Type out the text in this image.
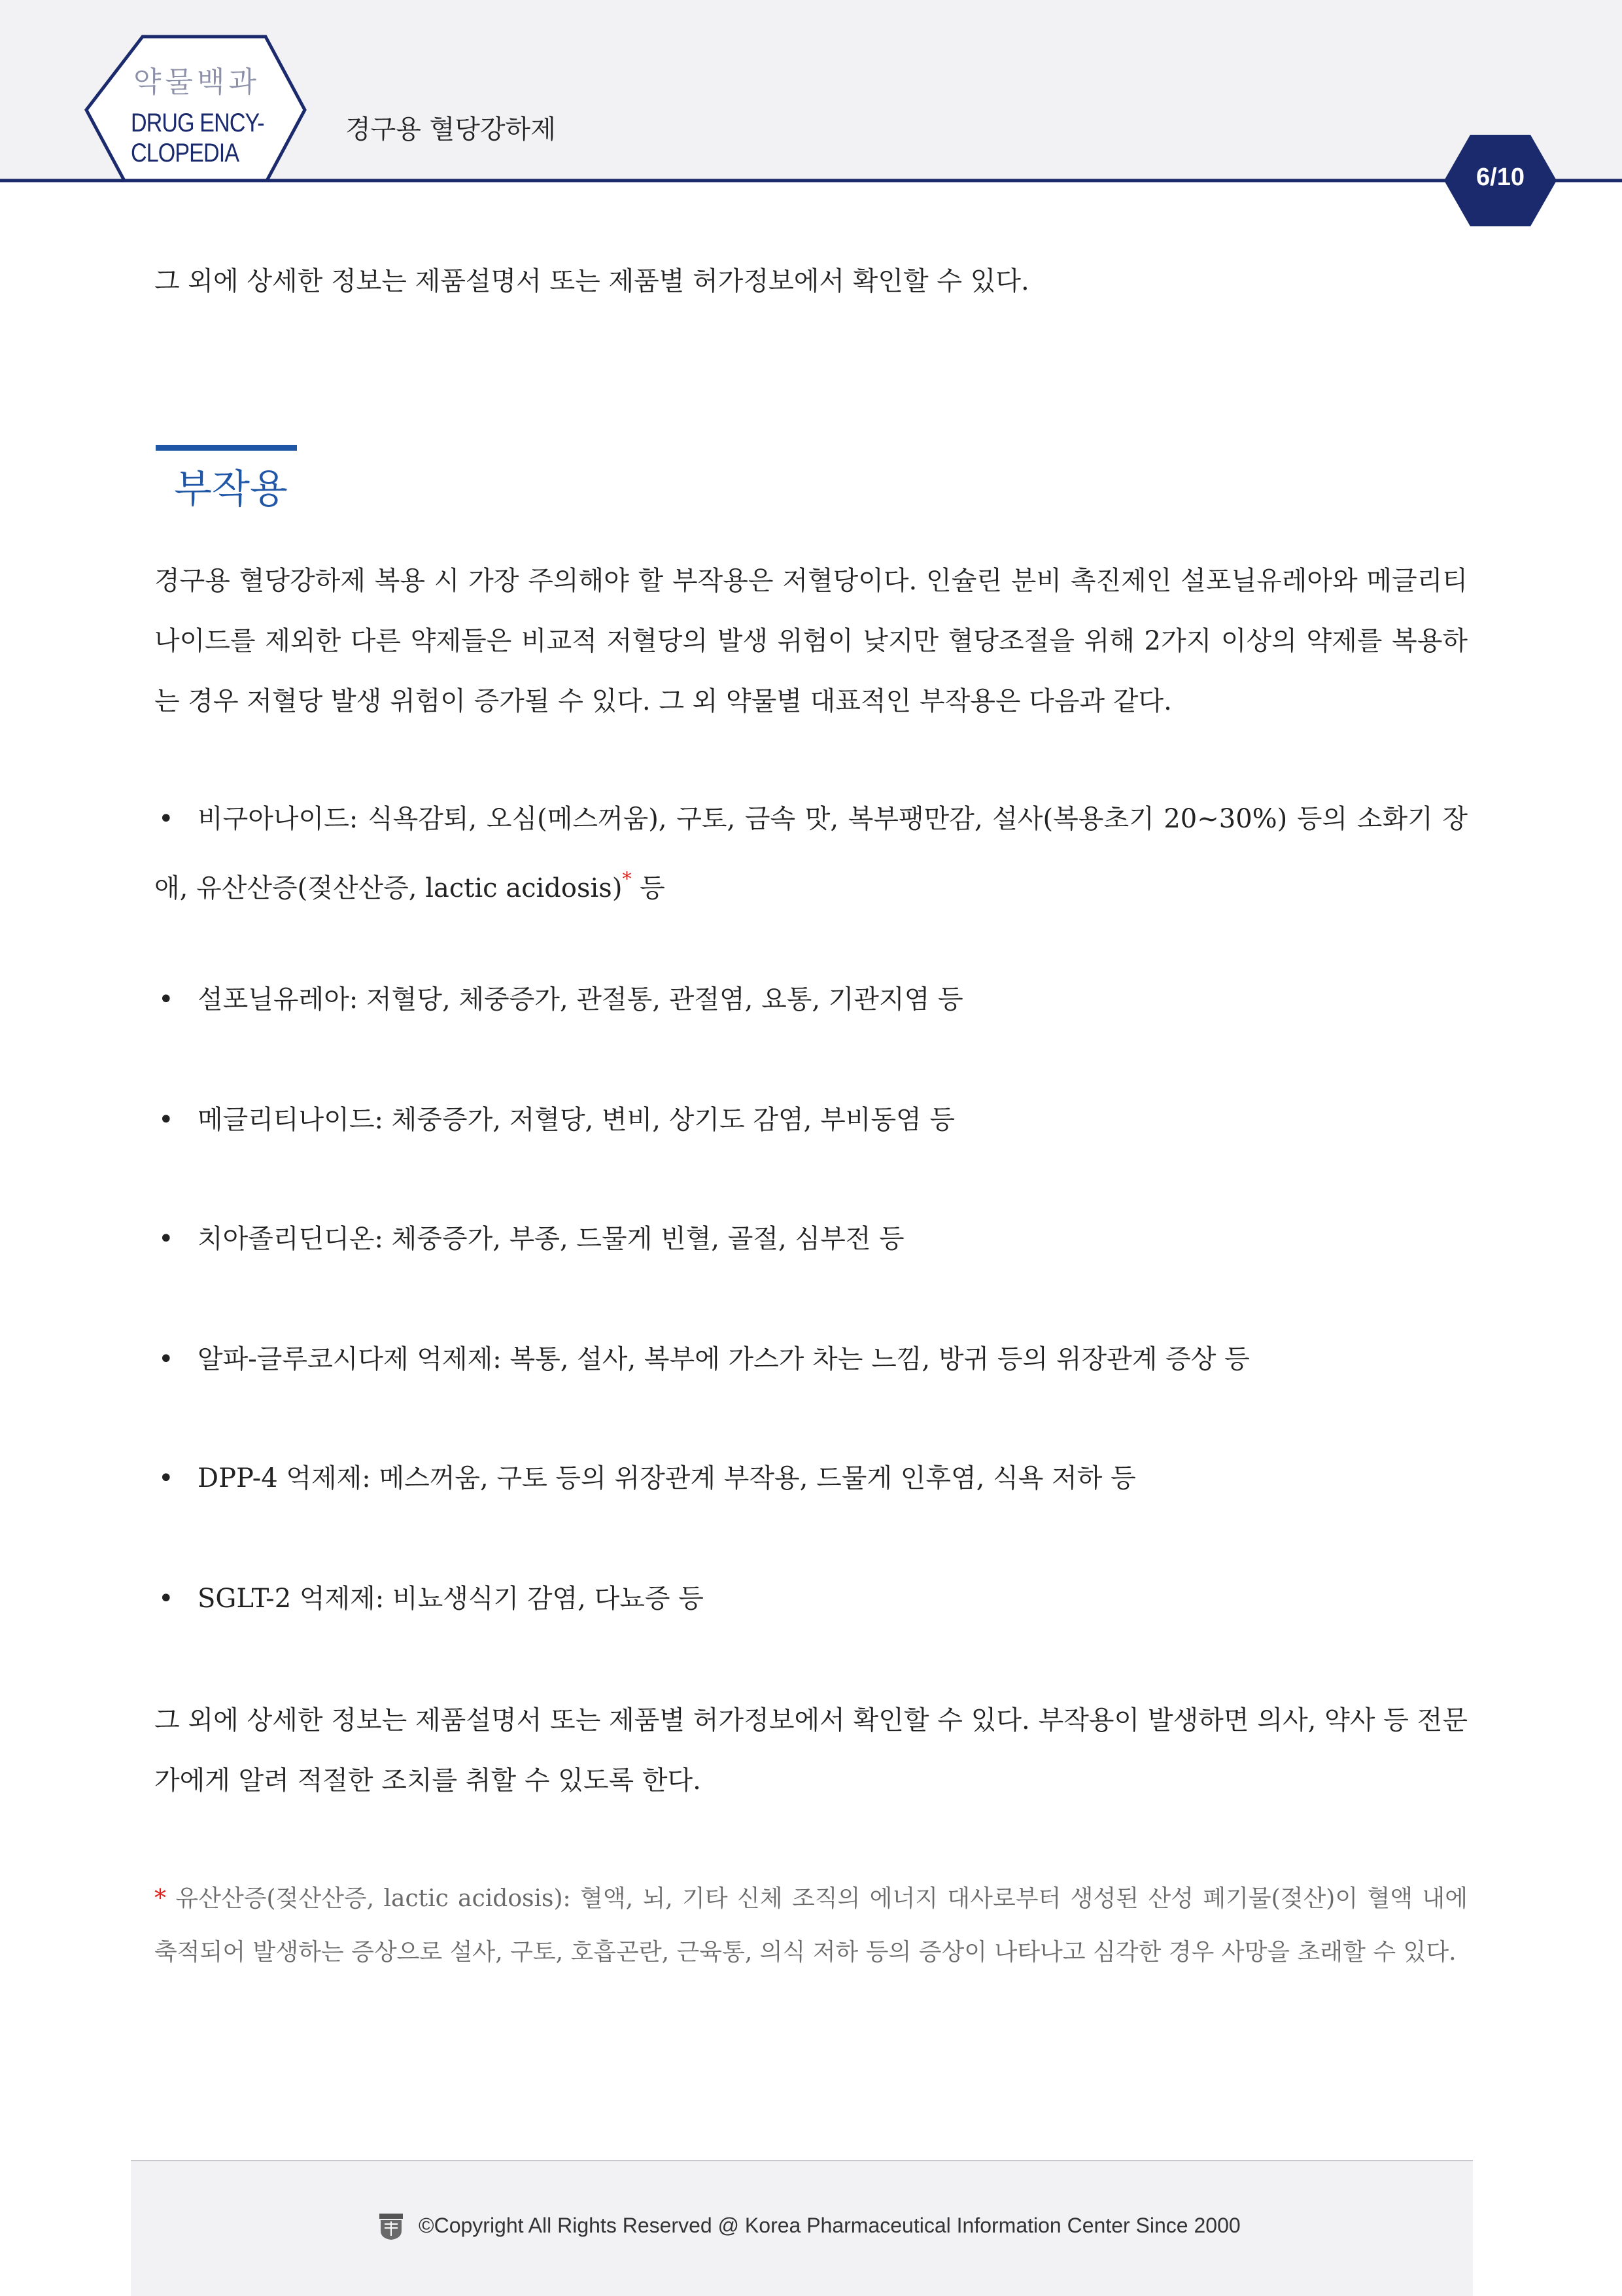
약물백과
DRUG ENCY-
CLOPEDIA
경구용 혈당강하제
6/10

그 외에 상세한 정보는 제품설명서 또는 제품별 허가정보에서 확인할 수 있다.

부작용

경구용 혈당강하제 복용 시 가장 주의해야 할 부작용은 저혈당이다. 인슐린 분비 촉진제인 설포닐유레아와 메글리티나이드를 제외한 다른 약제들은 비교적 저혈당의 발생 위험이 낮지만 혈당조절을 위해 2가지 이상의 약제를 복용하는 경우 저혈당 발생 위험이 증가될 수 있다. 그 외 약물별 대표적인 부작용은 다음과 같다.

• 비구아나이드: 식욕감퇴, 오심(메스꺼움), 구토, 금속 맛, 복부팽만감, 설사(복용초기 20~30%) 등의 소화기 장애, 유산산증(젖산산증, lactic acidosis)* 등

• 설포닐유레아: 저혈당, 체중증가, 관절통, 관절염, 요통, 기관지염 등

• 메글리티나이드: 체중증가, 저혈당, 변비, 상기도 감염, 부비동염 등

• 치아졸리딘디온: 체중증가, 부종, 드물게 빈혈, 골절, 심부전 등

• 알파-글루코시다제 억제제: 복통, 설사, 복부에 가스가 차는 느낌, 방귀 등의 위장관계 증상 등

• DPP-4 억제제: 메스꺼움, 구토 등의 위장관계 부작용, 드물게 인후염, 식욕 저하 등

• SGLT-2 억제제: 비뇨생식기 감염, 다뇨증 등

그 외에 상세한 정보는 제품설명서 또는 제품별 허가정보에서 확인할 수 있다. 부작용이 발생하면 의사, 약사 등 전문가에게 알려 적절한 조치를 취할 수 있도록 한다.

* 유산산증(젖산산증, lactic acidosis): 혈액, 뇌, 기타 신체 조직의 에너지 대사로부터 생성된 산성 폐기물(젖산)이 혈액 내에 축적되어 발생하는 증상으로 설사, 구토, 호흡곤란, 근육통, 의식 저하 등의 증상이 나타나고 심각한 경우 사망을 초래할 수 있다.

©Copyright All Rights Reserved @ Korea Pharmaceutical Information Center Since 2000
